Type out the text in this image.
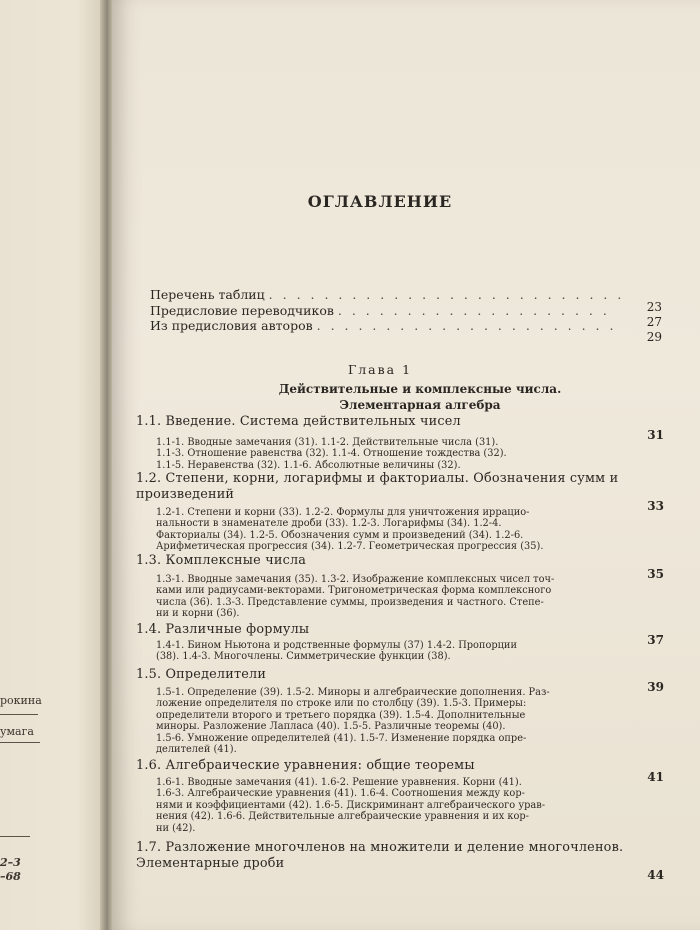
рокина
умага
2–3
–68
ОГЛАВЛЕНИЕ
Перечень таблиц . . . . . . . . . . . . . . . . . . . . . . . . . .
23
Предисловие переводчиков . . . . . . . . . . . . . . . . . . . .
27
Из предисловия авторов . . . . . . . . . . . . . . . . . . . . . .
29
Глава 1
Действительные и комплексные числа.
Элементарная алгебра
1.1. Введение. Система действительных чисел
31
1.1-1. Вводные замечания (31). 1.1-2. Действительные числа (31).
1.1-3. Отношение равенства (32). 1.1-4. Отношение тождества (32).
1.1-5. Неравенства (32). 1.1-6. Абсолютные величины (32).
1.2. Степени, корни, логарифмы и факториалы. Обозначения сумм и произведений
33
1.2-1. Степени и корни (33). 1.2-2. Формулы для уничтожения иррацио-
нальности в знаменателе дроби (33). 1.2-3. Логарифмы (34). 1.2-4.
Факториалы (34). 1.2-5. Обозначения сумм и произведений (34). 1.2-6.
Арифметическая прогрессия (34). 1.2-7. Геометрическая прогрессия (35).
1.3. Комплексные числа
35
1.3-1. Вводные замечания (35). 1.3-2. Изображение комплексных чисел точ-
ками или радиусами-векторами. Тригонометрическая форма комплексного
числа (36). 1.3-3. Представление суммы, произведения и частного. Степе-
ни и корни (36).
1.4. Различные формулы
37
1.4-1. Бином Ньютона и родственные формулы (37) 1.4-2. Пропорции
(38). 1.4-3. Многочлены. Симметрические функции (38).
1.5. Определители
39
1.5-1. Определение (39). 1.5-2. Миноры и алгебраические дополнения. Раз-
ложение определителя по строке или по столбцу (39). 1.5-3. Примеры:
определители второго и третьего порядка (39). 1.5-4. Дополнительные
миноры. Разложение Лапласа (40). 1.5-5. Различные теоремы (40).
1.5-6. Умножение определителей (41). 1.5-7. Изменение порядка опре-
делителей (41).
1.6. Алгебраические уравнения: общие теоремы
41
1.6-1. Вводные замечания (41). 1.6-2. Решение уравнения. Корни (41).
1.6-3. Алгебраические уравнения (41). 1.6-4. Соотношения между кор-
нями и коэффициентами (42). 1.6-5. Дискриминант алгебраического урав-
нения (42). 1.6-6. Действительные алгебраические уравнения и их кор-
ни (42).
1.7. Разложение многочленов на множители и деление многочленов. Элементарные дроби
44
